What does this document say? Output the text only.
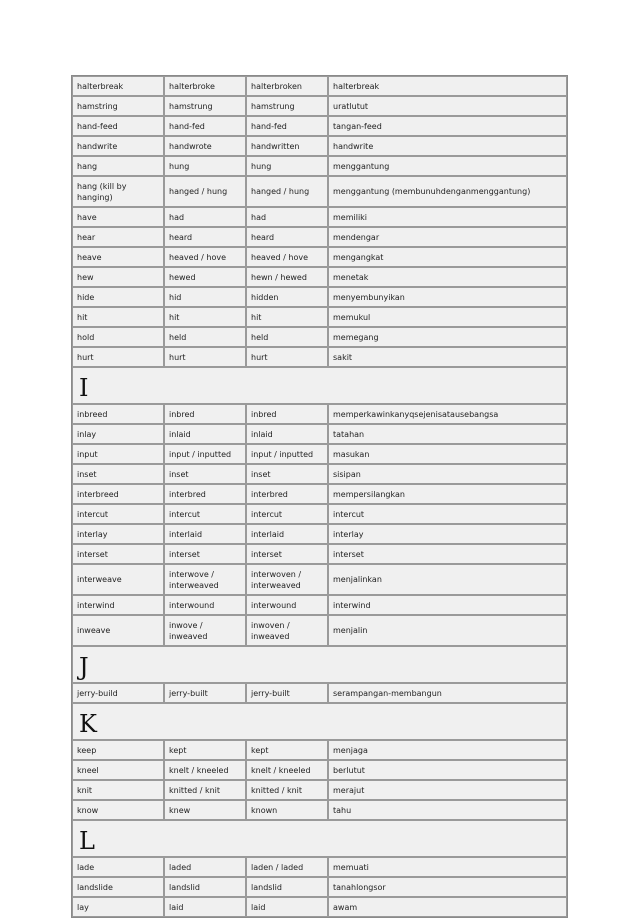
halterbreak	halterbroke	halterbroken	halterbreak
hamstring	hamstrung	hamstrung	uratlutut
hand-feed	hand-fed	hand-fed	tangan-feed
handwrite	handwrote	handwritten	handwrite
hang	hung	hung	menggantung
hang (kill by hanging)	hanged / hung	hanged / hung	menggantung (membunuhdenganmenggantung)
have	had	had	memiliki
hear	heard	heard	mendengar
heave	heaved / hove	heaved / hove	mengangkat
hew	hewed	hewn / hewed	menetak
hide	hid	hidden	menyembunyikan
hit	hit	hit	memukul
hold	held	held	memegang
hurt	hurt	hurt	sakit
I			
inbreed	inbred	inbred	memperkawinkanyqsejenisatausebangsa
inlay	inlaid	inlaid	tatahan
input	input / inputted	input / inputted	masukan
inset	inset	inset	sisipan
interbreed	interbred	interbred	mempersilangkan
intercut	intercut	intercut	intercut
interlay	interlaid	interlaid	interlay
interset	interset	interset	interset
interweave	interwove / interweaved	interwoven / interweaved	menjalinkan
interwind	interwound	interwound	interwind
inweave	inwove / inweaved	inwoven / inweaved	menjalin
J			
jerry-build	jerry-built	jerry-built	serampangan-membangun
K			
keep	kept	kept	menjaga
kneel	knelt / kneeled	knelt / kneeled	berlutut
knit	knitted / knit	knitted / knit	merajut
know	knew	known	tahu
L			
lade	laded	laden / laded	memuati
landslide	landslid	landslid	tanahlongsor
lay	laid	laid	awam
